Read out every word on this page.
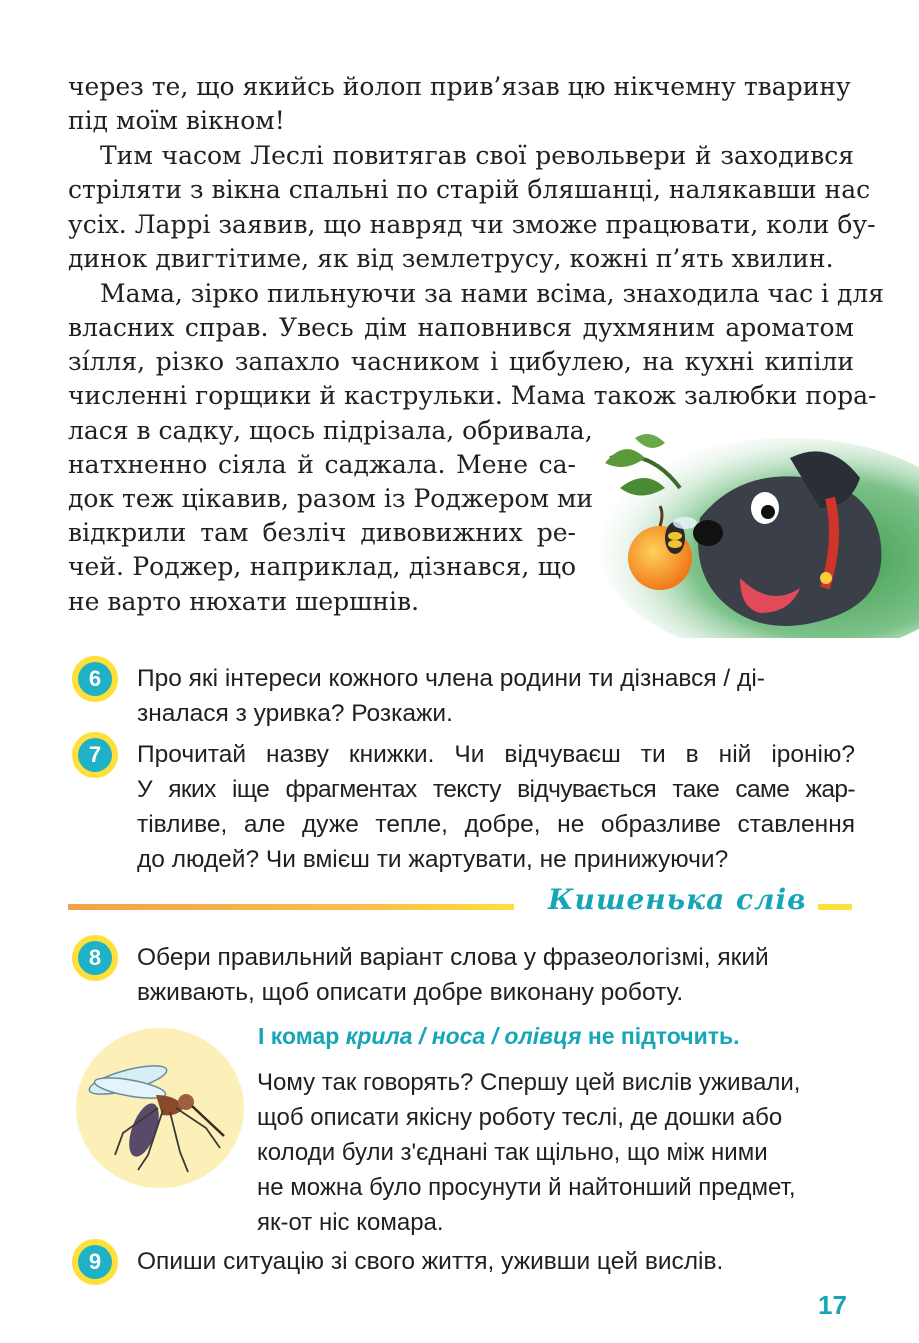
через те, що якийсь йолоп прив’язав цю нікчемну тварину
під моїм вікном!
Тим часом Леслі повитягав свої револьвери й заходився
стріляти з вікна спальні по старій бляшанці, налякавши нас
усіх. Ларрі заявив, що навряд чи зможе працювати, коли бу-
динок двигтітиме, як від землетрусу, кожні п’ять хвилин.
Мама, зірко пильнуючи за нами всіма, знаходила час і для
власних справ. Увесь дім наповнився духмяним ароматом
зі́лля, різко запахло часником і цибулею, на кухні кипіли
численні горщики й каструльки. Мама також залюбки пора-
лася в садку, щось підрізала, обривала,
натхненно сіяла й саджала. Мене са-
док теж цікавив, разом із Роджером ми
відкрили там безліч дивовижних ре-
чей. Роджер, наприклад, дізнався, що
не варто нюхати шершнів.
6	Про які інтереси кожного члена родини ти дізнався / ді-
зналася з уривка? Розкажи.
7	Прочитай назву книжки. Чи відчуваєш ти в ній іронію?
У яких іще фрагментах тексту відчувається таке саме жар-
тівливе, але дуже тепле, добре, не образливе ставлення
до людей? Чи вмієш ти жартувати, не принижуючи?
Кишенька слів
8	Обери правильний варіант слова у фразеологізмі, який
вживають, щоб описати добре виконану роботу.
І комар крила / носа / олівця не підточить.
Чому так говорять? Спершу цей вислів уживали,
щоб описати якісну роботу теслі, де дошки або
колоди були з'єднані так щільно, що між ними
не можна було просунути й найтонший предмет,
як-от ніс комара.
9	Опиши ситуацію зі свого життя, уживши цей вислів.
17
